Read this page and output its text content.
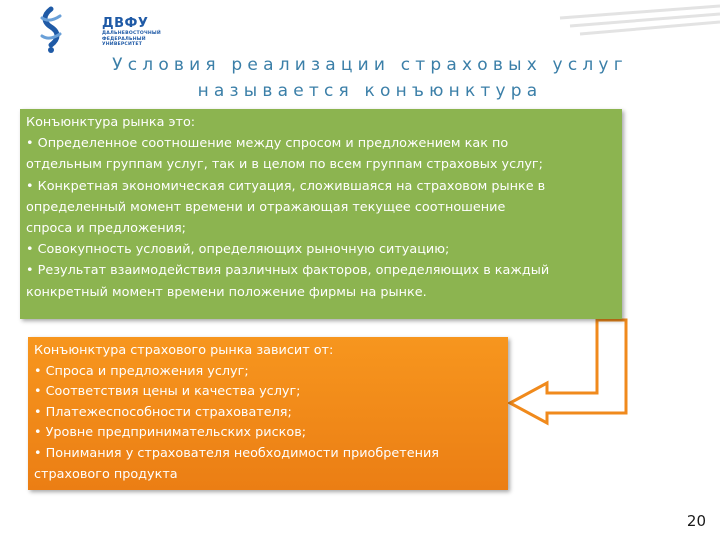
ДВФУ
ДАЛЬНЕВОСТОЧНЫЙ
ФЕДЕРАЛЬНЫЙ
УНИВЕРСИТЕТ
Условия реализации страховых услуг
называется конъюнктура
Конъюнктура рынка это:
• Определенное соотношение между спросом и предложением как по
отдельным группам услуг, так и в целом по всем группам страховых услуг;
• Конкретная экономическая ситуация, сложившаяся на страховом рынке в
определенный момент времени и отражающая текущее соотношение
спроса и предложения;
• Совокупность условий, определяющих рыночную ситуацию;
• Результат взаимодействия различных факторов, определяющих в каждый
конкретный момент времени положение фирмы на рынке.
Конъюнктура страхового рынка зависит от:
• Спроса и предложения услуг;
• Соответствия цены и качества услуг;
• Платежеспособности страхователя;
• Уровне предпринимательских рисков;
• Понимания у страхователя необходимости приобретения
страхового продукта
20
